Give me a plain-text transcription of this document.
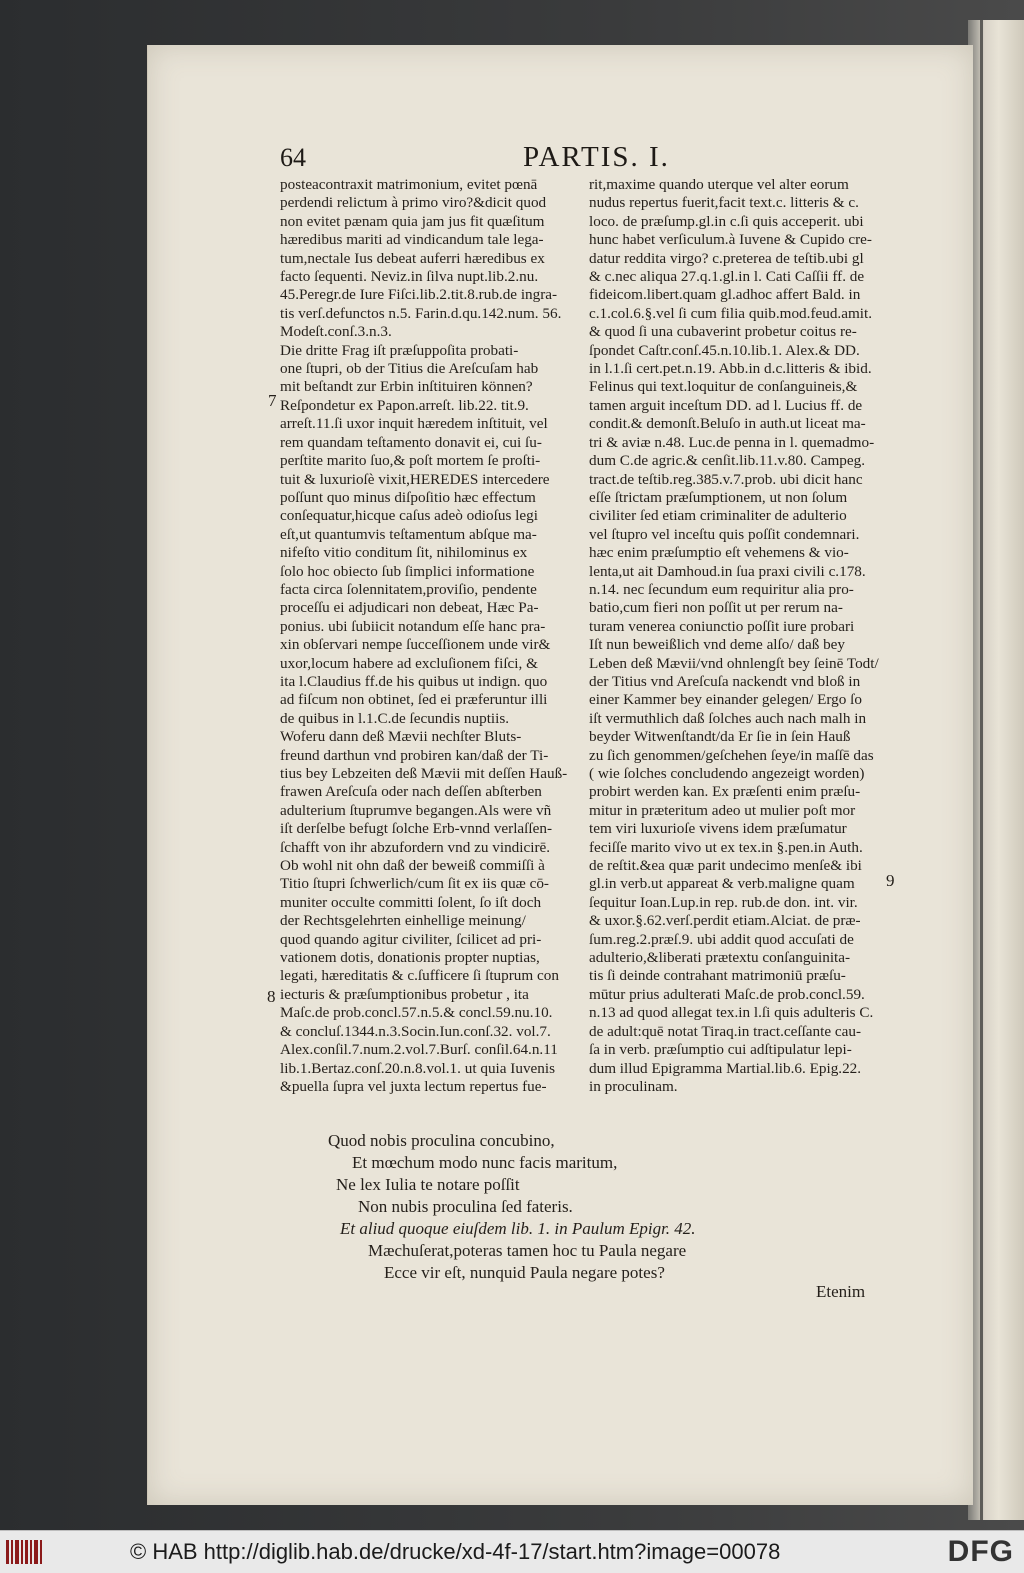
64	PARTIS. I.
posteacontraxit matrimonium, evitet pœnā
perdendi relictum à primo viro?&dicit quod
non evitet pænam quia jam jus fit quæſitum
hæredibus mariti ad vindicandum tale lega-
tum,nectale Ius debeat auferri hæredibus ex
facto ſequenti. Neviz.in ſilva nupt.lib.2.nu.
45.Peregr.de Iure Fiſci.lib.2.tit.8.rub.de ingra-
tis verſ.defunctos n.5. Farin.d.qu.142.num. 56.
Modeſt.conſ.3.n.3.
Die dritte Frag iſt præſuppoſita probati-
one ſtupri, ob der Titius die Areſcuſam hab
mit beſtandt zur Erbin inſtituiren können?
Reſpondetur ex Papon.arreſt. lib.22. tit.9.
arreſt.11.ſi uxor inquit hæredem inſtituit, vel
rem quandam teſtamento donavit ei, cui ſu-
perſtite marito ſuo,& poſt mortem ſe proſti-
tuit & luxurioſè vixit,HEREDES intercedere
poſſunt quo minus diſpoſitio hæc effectum
conſequatur,hicque caſus adeò odioſus legi
eſt,ut quantumvis teſtamentum abſque ma-
nifeſto vitio conditum ſit, nihilominus ex
ſolo hoc obiecto ſub ſimplici informatione
facta circa ſolennitatem,proviſio, pendente
proceſſu ei adjudicari non debeat, Hæc Pa-
ponius. ubi ſubiicit notandum eſſe hanc pra-
xin obſervari nempe ſucceſſionem unde vir&
uxor,locum habere ad excluſionem fiſci, &
ita l.Claudius ff.de his quibus ut indign. quo
ad fiſcum non obtinet, ſed ei præferuntur illi
de quibus in l.1.C.de ſecundis nuptiis.
Woferu dann deß Mævii nechſter Bluts-
freund darthun vnd probiren kan/daß der Ti-
tius bey Lebzeiten deß Mævii mit deſſen Hauß-
frawen Areſcuſa oder nach deſſen abſterben
adulterium ſtuprumve begangen.Als were vñ
iſt derſelbe befugt ſolche Erb-vnnd verlaſſen-
ſchafft von ihr abzufordern vnd zu vindicirē.
Ob wohl nit ohn daß der beweiß commiſſi à
Titio ſtupri ſchwerlich/cum ſit ex iis quæ cō-
muniter occulte committi ſolent, ſo iſt doch
der Rechtsgelehrten einhellige meinung/
quod quando agitur civiliter, ſcilicet ad pri-
vationem dotis, donationis propter nuptias,
legati, hæreditatis & c.ſufficere ſi ſtuprum con
iecturis & præſumptionibus probetur , ita
Maſc.de prob.concl.57.n.5.& concl.59.nu.10.
& concluſ.1344.n.3.Socin.Iun.conſ.32. vol.7.
Alex.conſil.7.num.2.vol.7.Burſ. conſil.64.n.11
lib.1.Bertaz.conſ.20.n.8.vol.1. ut quia Iuvenis
&puella ſupra vel juxta lectum repertus fue-
rit,maxime quando uterque vel alter eorum
nudus repertus fuerit,facit text.c. litteris & c.
loco. de præſump.gl.in c.ſi quis acceperit. ubi
hunc habet verſiculum.à Iuvene & Cupido cre-
datur reddita virgo? c.preterea de teſtib.ubi gl
& c.nec aliqua 27.q.1.gl.in l. Cati Caſſii ff. de
fideicom.libert.quam gl.adhoc affert Bald. in
c.1.col.6.§.vel ſi cum filia quib.mod.feud.amit.
& quod ſi una cubaverint probetur coitus re-
ſpondet Caſtr.conſ.45.n.10.lib.1. Alex.& DD.
in l.1.ſi cert.pet.n.19. Abb.in d.c.litteris & ibid.
Felinus qui text.loquitur de conſanguineis,&
tamen arguit inceſtum DD. ad l. Lucius ff. de
condit.& demonſt.Beluſo in auth.ut liceat ma-
tri & aviæ n.48. Luc.de penna in l. quemadmo-
dum C.de agric.& cenſit.lib.11.v.80. Campeg.
tract.de teſtib.reg.385.v.7.prob. ubi dicit hanc
eſſe ſtrictam præſumptionem, ut non ſolum
civiliter ſed etiam criminaliter de adulterio
vel ſtupro vel inceſtu quis poſſit condemnari.
hæc enim præſumptio eſt vehemens & vio-
lenta,ut ait Damhoud.in ſua praxi civili c.178.
n.14. nec ſecundum eum requiritur alia pro-
batio,cum fieri non poſſit ut per rerum na-
turam venerea coniunctio poſſit iure probari
Iſt nun beweißlich vnd deme alſo/ daß bey
Leben deß Mævii/vnd ohnlengſt bey ſeinē Todt/
der Titius vnd Areſcuſa nackendt vnd bloß in
einer Kammer bey einander gelegen/ Ergo ſo
iſt vermuthlich daß ſolches auch nach malh in
beyder Witwenſtandt/da Er ſie in ſein Hauß
zu ſich genommen/geſchehen ſeye/in maſſē das
( wie ſolches concludendo angezeigt worden)
probirt werden kan. Ex præſenti enim præſu-
mitur in præteritum adeo ut mulier poſt mor
tem viri luxurioſe vivens idem præſumatur
feciſſe marito vivo ut ex tex.in §.pen.in Auth.
de reſtit.&ea quæ parit undecimo menſe& ibi
gl.in verb.ut appareat & verb.maligne quam
ſequitur Ioan.Lup.in rep. rub.de don. int. vir.
& uxor.§.62.verſ.perdit etiam.Alciat. de præ-
ſum.reg.2.præſ.9. ubi addit quod accuſati de
adulterio,&liberati prætextu conſanguinita-
tis ſi deinde contrahant matrimoniū præſu-
mūtur prius adulterati Maſc.de prob.concl.59.
n.13 ad quod allegat tex.in l.ſi quis adulteris C.
de adult:quē notat Tiraq.in tract.ceſſante cau-
ſa in verb. præſumptio cui adſtipulatur lepi-
dum illud Epigramma Martial.lib.6. Epig.22.
in proculinam.
7
8
9
Quod nobis proculina concubino,
Et mœchum modo nunc facis maritum,
Ne lex Iulia te notare poſſit
Non nubis proculina ſed fateris.
Et aliud quoque eiuſdem lib. 1. in Paulum Epigr. 42.
Mæchuſerat,poteras tamen hoc tu Paula negare
Ecce vir eſt, nunquid Paula negare potes?
Etenim
© HAB http://diglib.hab.de/drucke/xd-4f-17/start.htm?image=00078	DFG
